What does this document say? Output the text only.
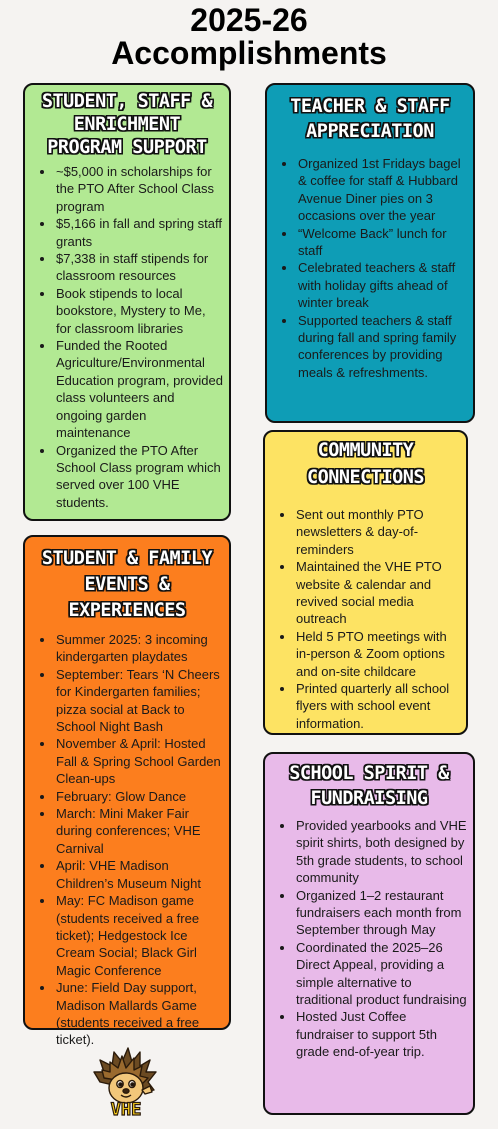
2025-26
Accomplishments
STUDENT, STAFF &
ENRICHMENT
PROGRAM SUPPORT
• ~$5,000 in scholarships for the PTO After School Class program
• $5,166 in fall and spring staff grants
• $7,338 in staff stipends for classroom resources
• Book stipends to local bookstore, Mystery to Me, for classroom libraries
• Funded the Rooted Agriculture/Environmental Education program, provided class volunteers and ongoing garden maintenance
• Organized the PTO After School Class program which served over 100 VHE students.
TEACHER & STAFF
APPRECIATION
• Organized 1st Fridays bagel & coffee for staff & Hubbard Avenue Diner pies on 3 occasions over the year
• “Welcome Back” lunch for staff
• Celebrated teachers & staff with holiday gifts ahead of winter break
• Supported teachers & staff during fall and spring family conferences by providing meals & refreshments.
COMMUNITY
CONNECTIONS
• Sent out monthly PTO newsletters & day-of-reminders
• Maintained the VHE PTO website & calendar and revived social media outreach
• Held 5 PTO meetings with in-person & Zoom options and on-site childcare
• Printed quarterly all school flyers with school event information.
STUDENT & FAMILY
EVENTS & EXPERIENCES
• Summer 2025: 3 incoming kindergarten playdates
• September: Tears ‘N Cheers for Kindergarten families; pizza social at Back to School Night Bash
• November & April: Hosted Fall & Spring School Garden Clean-ups
• February: Glow Dance
• March: Mini Maker Fair during conferences; VHE Carnival
• April: VHE Madison Children’s Museum Night
• May: FC Madison game (students received a free ticket); Hedgestock Ice Cream Social; Black Girl Magic Conference
• June: Field Day support, Madison Mallards Game (students received a free ticket).
SCHOOL SPIRIT &
FUNDRAISING
• Provided yearbooks and VHE spirit shirts, both designed by 5th grade students, to school community
• Organized 1–2 restaurant fundraisers each month from September through May
• Coordinated the 2025–26 Direct Appeal, providing a simple alternative to traditional product fundraising
• Hosted Just Coffee fundraiser to support 5th grade end-of-year trip.
VHE
